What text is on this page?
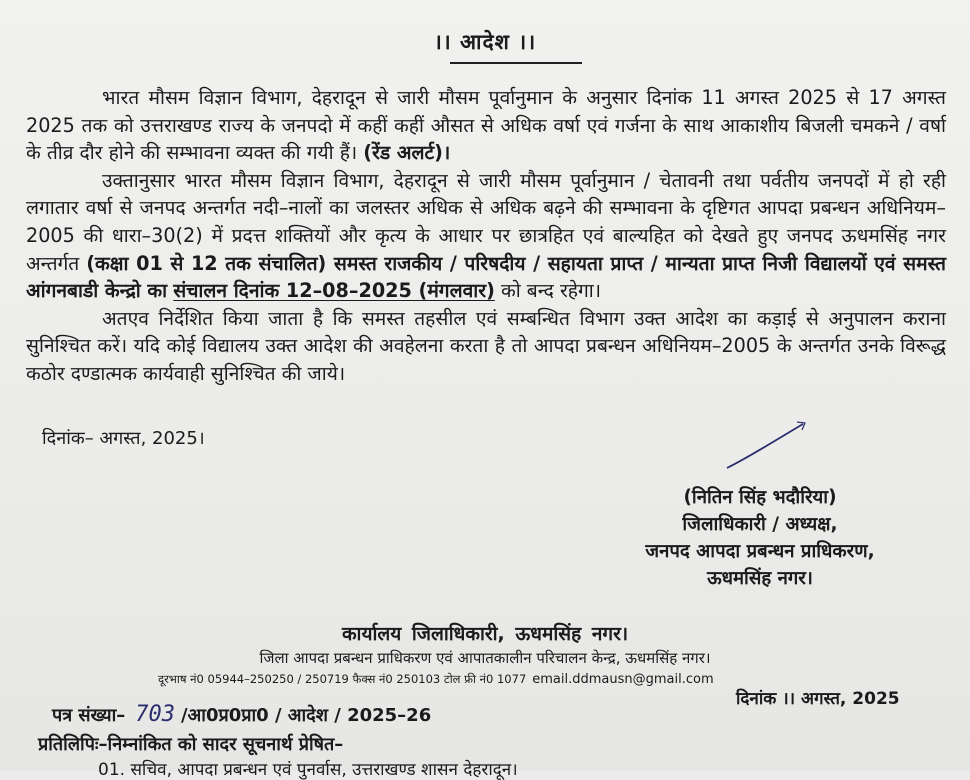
।। आदेश ।।

भारत मौसम विज्ञान विभाग, देहरादून से जारी मौसम पूर्वानुमान के अनुसार दिनांक 11 अगस्त 2025 से 17 अगस्त 2025 तक को उत्तराखण्ड राज्य के जनपदो में कहीं कहीं औसत से अधिक वर्षा एवं गर्जना के साथ आकाशीय बिजली चमकने / वर्षा के तीव्र दौर होने की सम्भावना व्यक्त की गयी हैं। (रेंड अलर्ट)।

उक्तानुसार भारत मौसम विज्ञान विभाग, देहरादून से जारी मौसम पूर्वानुमान / चेतावनी तथा पर्वतीय जनपदों में हो रही लगातार वर्षा से जनपद अन्तर्गत नदी–नालों का जलस्तर अधिक से अधिक बढ़ने की सम्भावना के दृष्टिगत आपदा प्रबन्धन अधिनियम–2005 की धारा–30(2) में प्रदत्त शक्तियों और कृत्य के आधार पर छात्रहित एवं बाल्यहित को देखते हुए जनपद ऊधमसिंह नगर अन्तर्गत (कक्षा 01 से 12 तक संचालित) समस्त राजकीय / परिषदीय / सहायता प्राप्त / मान्यता प्राप्त निजी विद्यालयों एवं समस्त आंगनबाडी केन्द्रो का संचालन दिनांक 12–08–2025 (मंगलवार) को बन्द रहेगा।

अतएव निर्देशित किया जाता है कि समस्त तहसील एवं सम्बन्धित विभाग उक्त आदेश का कड़ाई से अनुपालन कराना सुनिश्चित करें। यदि कोई विद्यालय उक्त आदेश की अवहेलना करता है तो आपदा प्रबन्धन अधिनियम–2005 के अन्तर्गत उनके विरूद्ध कठोर दण्डात्मक कार्यवाही सुनिश्चित की जाये।

दिनांक– अगस्त, 2025।
(नितिन सिंह भदौरिया)
जिलाधिकारी / अध्यक्ष,
जनपद आपदा प्रबन्धन प्राधिकरण,
ऊधमसिंह नगर।
कार्यालय जिलाधिकारी, ऊधमसिंह नगर।
जिला आपदा प्रबन्धन प्राधिकरण एवं आपातकालीन परिचालन केन्द्र, ऊधमसिंह नगर।
दूरभाष नं0 05944–250250 / 250719 फैक्स नं0 250103 टोल फ्री नं0 1077 email.ddmausn@gmail.com
दिनांक ।। अगस्त, 2025
पत्र संख्या– 703 /आ0प्र0प्रा0 / आदेश / 2025–26
प्रतिलिपिः–निम्नांकित को सादर सूचनार्थ प्रेषित–
01. सचिव, आपदा प्रबन्धन एवं पुनर्वास, उत्तराखण्ड शासन देहरादून।
